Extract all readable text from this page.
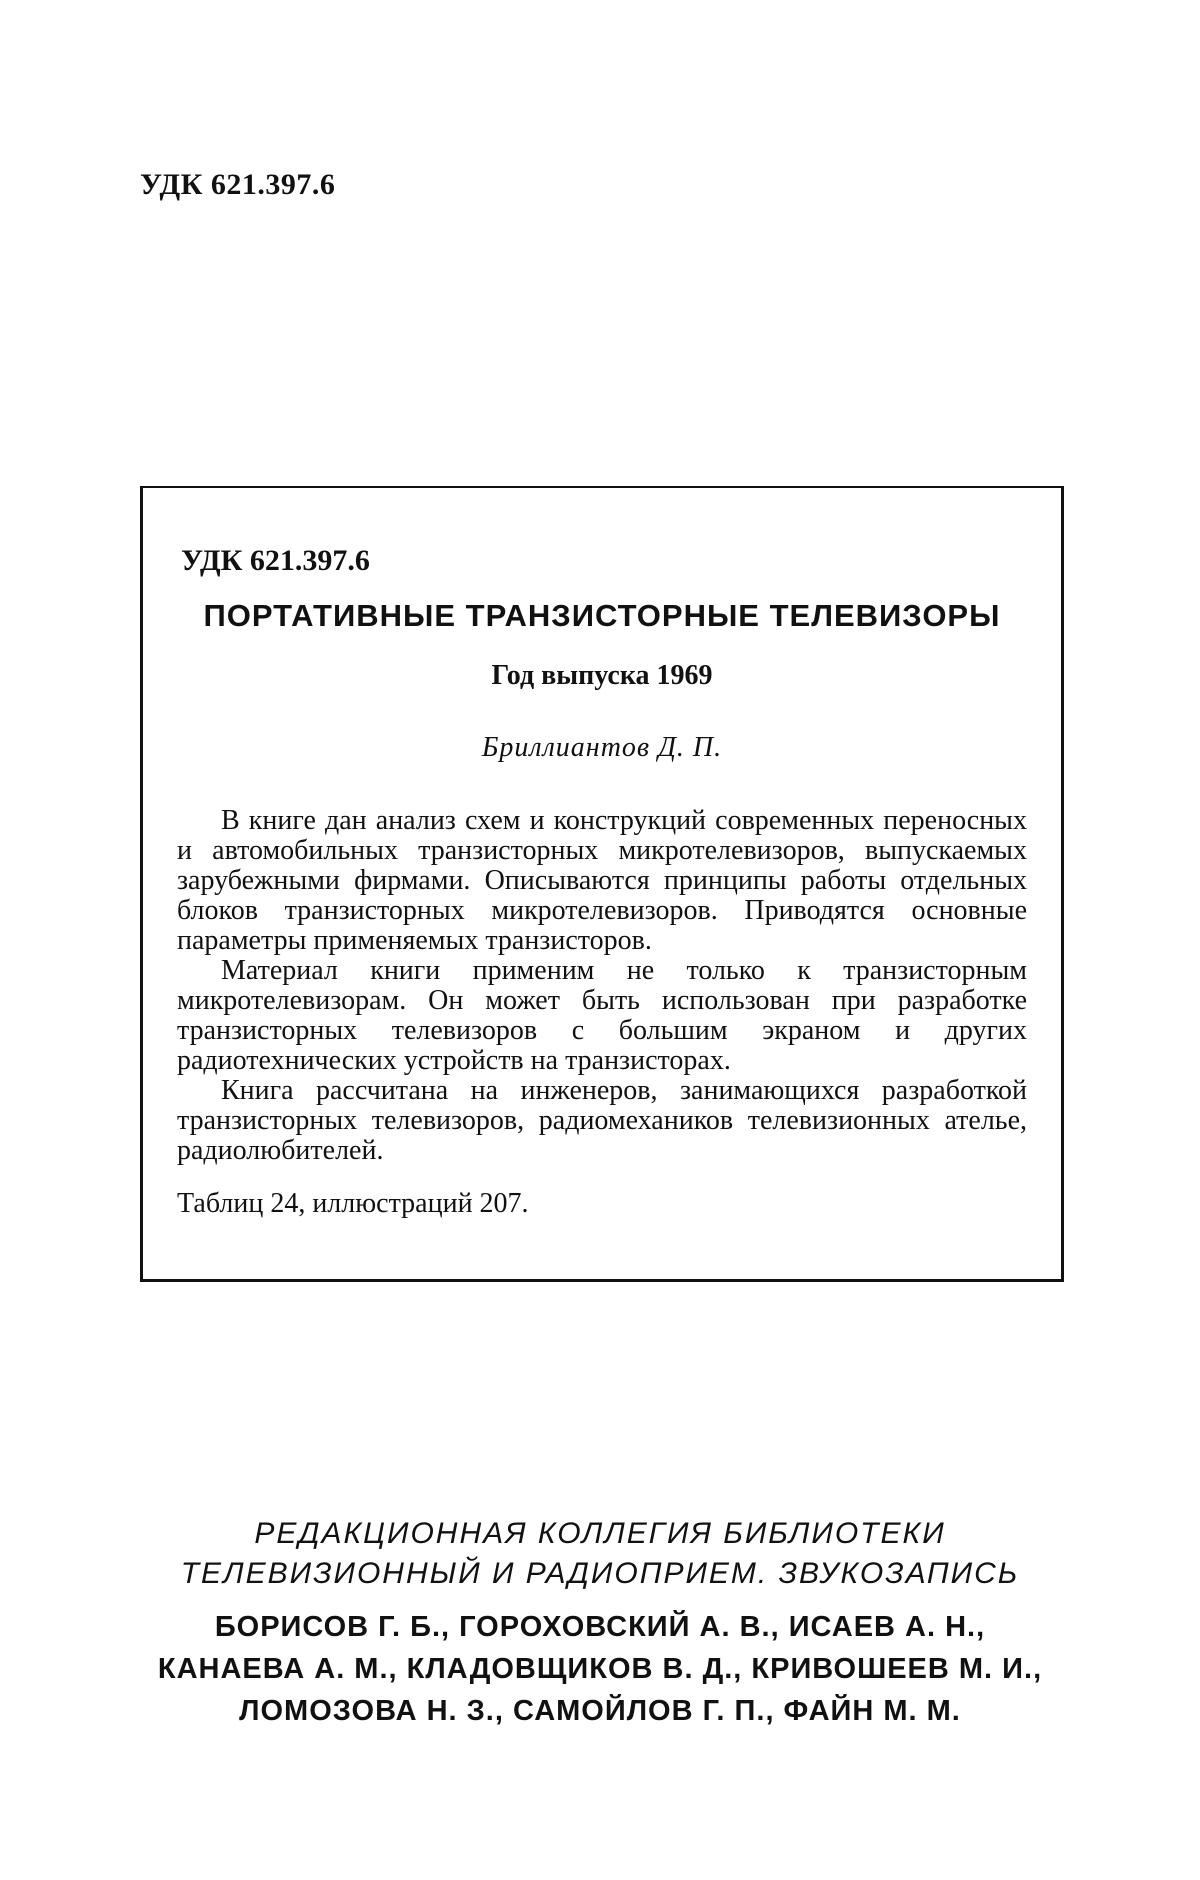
УДК 621.397.6
УДК 621.397.6
ПОРТАТИВНЫЕ ТРАНЗИСТОРНЫЕ ТЕЛЕВИЗОРЫ
Год выпуска 1969
Бриллиантов Д. П.

В книге дан анализ схем и конструкций современных переносных и автомобильных транзисторных микротелевизоров, выпускаемых зарубежными фирмами. Описываются принципы работы отдельных блоков транзисторных микротелевизоров. Приводятся основные параметры применяемых транзисторов.

Материал книги применим не только к транзисторным микротелевизорам. Он может быть использован при разработке транзисторных телевизоров с большим экраном и других радиотехнических устройств на транзисторах.

Книга рассчитана на инженеров, занимающихся разработкой транзисторных телевизоров, радиомехаников телевизионных ателье, радиолюбителей.

Таблиц 24, иллюстраций 207.
РЕДАКЦИОННАЯ КОЛЛЕГИЯ БИБЛИОТЕКИ
ТЕЛЕВИЗИОННЫЙ И РАДИОПРИЕМ. ЗВУКОЗАПИСЬ
БОРИСОВ Г. Б., ГОРОХОВСКИЙ А. В., ИСАЕВ А. Н.,
КАНАЕВА А. М., КЛАДОВЩИКОВ В. Д., КРИВОШЕЕВ М. И.,
ЛОМОЗОВА Н. З., САМОЙЛОВ Г. П., ФАЙН М. М.
